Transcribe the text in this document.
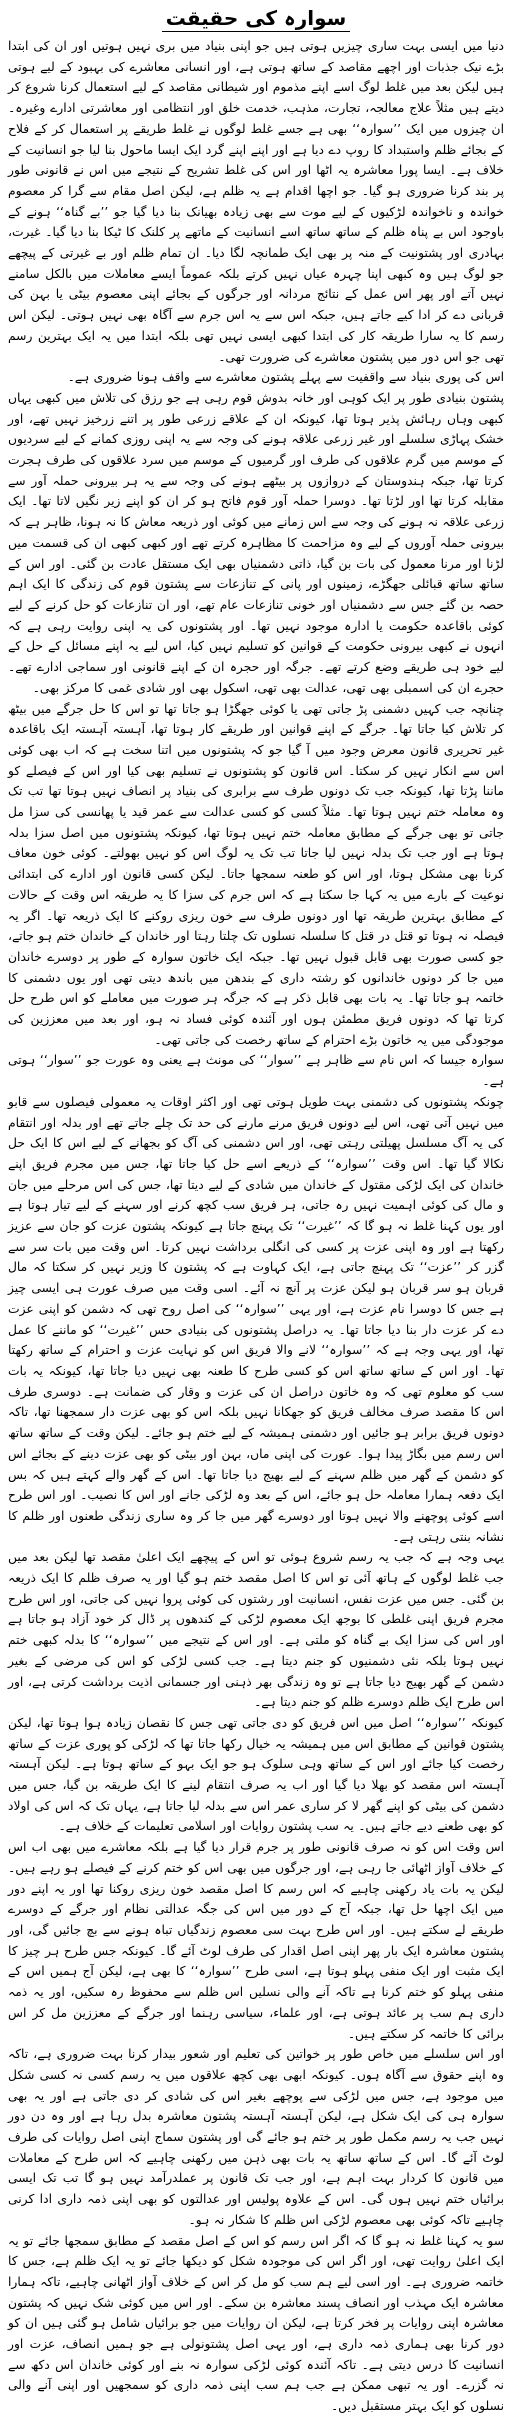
سوارہ کی حقیقت

دنیا میں ایسی بہت ساری چیزیں ہوتی ہیں جو اپنی بنیاد میں بری نہیں ہوتیں اور ان کی ابتدا بڑے نیک جذبات اور اچھے مقاصد کے ساتھ ہوتی ہے، اور انسانی معاشرے کی بہبود کے لیے ہوتی ہیں لیکن بعد میں غلط لوگ اسے اپنے مذموم اور شیطانی مقاصد کے لیے استعمال کرنا شروع کر دیتے ہیں مثلاً علاج معالجہ، تجارت، مذہب، خدمت خلق اور انتظامی اور معاشرتی ادارے وغیرہ۔ ان چیزوں میں ایک ’’سوارہ‘‘ بھی ہے جسے غلط لوگوں نے غلط طریقے پر استعمال کر کے فلاح کے بجائے ظلم واستبداد کا روپ دے دیا ہے اور اپنے اپنے گرد ایک ایسا ماحول بنا لیا جو انسانیت کے خلاف ہے۔ ایسا پورا معاشرہ یہ اٹھا اور اس کی غلط تشریح کے نتیجے میں اس نے قانونی طور پر بند کرنا ضروری ہو گیا۔ جو اچھا اقدام ہے یہ ظلم ہے، لیکن اصل مقام سے گرا کر معصوم خواندہ و ناخواندہ لڑکیوں کے لیے موت سے بھی زیادہ بھیانک بنا دیا گیا جو ’’بے گناہ‘‘ ہونے کے باوجود اس بے پناہ ظلم کے ساتھ ساتھ اسے انسانیت کے ماتھے پر کلنک کا ٹیکا بنا دیا گیا۔ غیرت، بہادری اور پشتونیت کے منہ پر بھی ایک طمانچہ لگا دیا۔ ان تمام ظلم اور بے غیرتی کے پیچھے جو لوگ ہیں وہ کبھی اپنا چہرہ عیاں نہیں کرتے بلکہ عموماً ایسے معاملات میں بالکل سامنے نہیں آتے اور پھر اس عمل کے نتائج مردانہ اور جرگوں کے بجائے اپنی معصوم بیٹی یا بہن کی قربانی دے کر ادا کیے جاتے ہیں، جبکہ اس سے یہ اس جرم سے آگاہ بھی نہیں ہوتی۔ لیکن اس رسم کا یہ سارا طریقہ کار کی ابتدا کبھی ایسی نہیں تھی بلکہ ابتدا میں یہ ایک بہترین رسم تھی جو اس دور میں پشتون معاشرے کی ضرورت تھی۔

اس کی پوری بنیاد سے واقفیت سے پہلے پشتون معاشرے سے واقف ہونا ضروری ہے۔

پشتون بنیادی طور پر ایک کوہی اور خانہ بدوش قوم رہی ہے جو رزق کی تلاش میں کبھی یہاں کبھی وہاں رہائش پذیر ہوتا تھا، کیونکہ ان کے علاقے زرعی طور پر اتنے زرخیز نہیں تھے، اور خشک پہاڑی سلسلے اور غیر زرعی علاقہ ہونے کی وجہ سے یہ اپنی روزی کمانے کے لیے سردیوں کے موسم میں گرم علاقوں کی طرف اور گرمیوں کے موسم میں سرد علاقوں کی طرف ہجرت کرتا تھا، جبکہ ہندوستان کے دروازوں پر بیٹھے ہونے کی وجہ سے یہ ہر بیرونی حملہ آور سے مقابلہ کرتا تھا اور لڑتا تھا۔ دوسرا حملہ آور قوم فاتح ہو کر ان کو اپنے زیر نگیں لاتا تھا۔ ایک زرعی علاقہ نہ ہونے کی وجہ سے اس زمانے میں کوئی اور ذریعہ معاش کا نہ ہونا، ظاہر ہے کہ بیرونی حملہ آوروں کے لیے وہ مزاحمت کا مظاہرہ کرتے تھے اور کبھی کبھی ان کی قسمت میں لڑنا اور مرنا معمول کی بات بن گیا، ذاتی دشمنیاں بھی ایک مستقل عادت بن گئی۔ اور اس کے ساتھ ساتھ قبائلی جھگڑے، زمینوں اور پانی کے تنازعات سے پشتون قوم کی زندگی کا ایک اہم حصہ بن گئے جس سے دشمنیاں اور خونی تنازعات عام تھے، اور ان تنازعات کو حل کرنے کے لیے کوئی باقاعدہ حکومت یا ادارہ موجود نہیں تھا۔ اور پشتونوں کی یہ اپنی روایت رہی ہے کہ انہوں نے کبھی بیرونی حکومت کے قوانین کو تسلیم نہیں کیا، اس لیے یہ اپنے مسائل کے حل کے لیے خود ہی طریقے وضع کرتے تھے۔ جرگہ اور حجرہ ان کے اپنے قانونی اور سماجی ادارے تھے۔ حجرے ان کی اسمبلی بھی تھی، عدالت بھی تھی، اسکول بھی اور شادی غمی کا مرکز بھی۔

چنانچہ جب کہیں دشمنی پڑ جاتی تھی یا کوئی جھگڑا ہو جاتا تھا تو اس کا حل جرگے میں بیٹھ کر تلاش کیا جاتا تھا۔ جرگے کے اپنے قوانین اور طریقے کار ہوتا تھا، آہستہ آہستہ ایک باقاعدہ غیر تحریری قانون معرض وجود میں آ گیا جو کہ پشتونوں میں اتنا سخت ہے کہ اب بھی کوئی اس سے انکار نہیں کر سکتا۔ اس قانون کو پشتونوں نے تسلیم بھی کیا اور اس کے فیصلے کو ماننا پڑتا تھا، کیونکہ جب تک دونوں طرف سے برابری کی بنیاد پر انصاف نہیں ہوتا تھا تب تک وہ معاملہ ختم نہیں ہوتا تھا۔ مثلاً کسی کو کسی عدالت سے عمر قید یا پھانسی کی سزا مل جاتی تو بھی جرگے کے مطابق معاملہ ختم نہیں ہوتا تھا، کیونکہ پشتونوں میں اصل سزا بدلہ ہوتا ہے اور جب تک بدلہ نہیں لیا جاتا تب تک یہ لوگ اس کو نہیں بھولتے۔ کوئی خون معاف کرنا بھی مشکل ہوتا، اور اس کو طعنہ سمجھا جاتا۔ لیکن کسی قانون اور ادارے کی ابتدائی نوعیت کے بارے میں یہ کہا جا سکتا ہے کہ اس جرم کی سزا کا یہ طریقہ اس وقت کے حالات کے مطابق بہترین طریقہ تھا اور دونوں طرف سے خون ریزی روکنے کا ایک ذریعہ تھا۔ اگر یہ فیصلہ نہ ہوتا تو قتل در قتل کا سلسلہ نسلوں تک چلتا رہتا اور خاندان کے خاندان ختم ہو جاتے، جو کسی صورت بھی قابل قبول نہیں تھا۔ جبکہ ایک خاتون سوارہ کے طور پر دوسرے خاندان میں جا کر دونوں خاندانوں کو رشتہ داری کے بندھن میں باندھ دیتی تھی اور یوں دشمنی کا خاتمہ ہو جاتا تھا۔ یہ بات بھی قابل ذکر ہے کہ جرگہ ہر صورت میں معاملے کو اس طرح حل کرتا تھا کہ دونوں فریق مطمئن ہوں اور آئندہ کوئی فساد نہ ہو، اور بعد میں معززین کی موجودگی میں یہ خاتون بڑے احترام کے ساتھ رخصت کی جاتی تھی۔

سوارہ جیسا کہ اس نام سے ظاہر ہے ’’سوار‘‘ کی مونث ہے یعنی وہ عورت جو ’’سوار‘‘ ہوتی ہے۔

چونکہ پشتونوں کی دشمنی بہت طویل ہوتی تھی اور اکثر اوقات یہ معمولی فیصلوں سے قابو میں نہیں آتی تھی، اس لیے دونوں فریق مرنے مارنے کی حد تک چلے جاتے تھے اور بدلہ اور انتقام کی یہ آگ مسلسل پھیلتی رہتی تھی، اور اس دشمنی کی آگ کو بجھانے کے لیے اس کا ایک حل نکالا گیا تھا۔ اس وقت ’’سوارہ‘‘ کے ذریعے اسے حل کیا جاتا تھا، جس میں مجرم فریق اپنے خاندان کی ایک لڑکی مقتول کے خاندان میں شادی کے لیے دیتا تھا، جس کی اس مرحلے میں جان و مال کی کوئی اہمیت نہیں رہ جاتی، ہر فریق سب کچھ کرنے اور سہنے کے لیے تیار ہوتا ہے اور یوں کہنا غلط نہ ہو گا کہ ’’غیرت‘‘ تک پہنچ جاتا ہے کیونکہ پشتون عزت کو جان سے عزیز رکھتا ہے اور وہ اپنی عزت پر کسی کی انگلی برداشت نہیں کرتا۔ اس وقت میں بات سر سے گزر کر ’’عزت‘‘ تک پہنچ جاتی ہے، ایک کہاوت ہے کہ پشتون کا وزیر نہیں کر سکتا کہ مال قربان ہو سر قربان ہو لیکن عزت پر آنچ نہ آئے۔ اسی وقت میں صرف عورت ہی ایسی چیز ہے جس کا دوسرا نام عزت ہے، اور یہی ’’سوارہ‘‘ کی اصل روح تھی کہ دشمن کو اپنی عزت دے کر عزت دار بنا دیا جاتا تھا۔ یہ دراصل پشتونوں کی بنیادی حس ’’غیرت‘‘ کو ماننے کا عمل تھا، اور یہی وجہ ہے کہ ’’سوارہ‘‘ لانے والا فریق اس کو نہایت عزت و احترام کے ساتھ رکھتا تھا۔ اور اس کے ساتھ ساتھ اس کو کسی طرح کا طعنہ بھی نہیں دیا جاتا تھا، کیونکہ یہ بات سب کو معلوم تھی کہ وہ خاتون دراصل ان کی عزت و وقار کی ضمانت ہے۔ دوسری طرف اس کا مقصد صرف مخالف فریق کو جھکانا نہیں بلکہ اس کو بھی عزت دار سمجھنا تھا، تاکہ دونوں فریق برابر ہو جائیں اور دشمنی ہمیشہ کے لیے ختم ہو جائے۔ لیکن وقت کے ساتھ ساتھ اس رسم میں بگاڑ پیدا ہوا۔ عورت کی اپنی ماں، بہن اور بیٹی کو بھی عزت دینے کے بجائے اس کو دشمن کے گھر میں ظلم سہنے کے لیے بھیج دیا جاتا تھا۔ اس کے گھر والے کہتے ہیں کہ بس ایک دفعہ ہمارا معاملہ حل ہو جائے، اس کے بعد وہ لڑکی جانے اور اس کا نصیب۔ اور اس طرح اسے کوئی پوچھنے والا نہیں ہوتا اور دوسرے گھر میں جا کر وہ ساری زندگی طعنوں اور ظلم کا نشانہ بنتی رہتی ہے۔

یہی وجہ ہے کہ جب یہ رسم شروع ہوئی تو اس کے پیچھے ایک اعلیٰ مقصد تھا لیکن بعد میں جب غلط لوگوں کے ہاتھ آئی تو اس کا اصل مقصد ختم ہو گیا اور یہ صرف ظلم کا ایک ذریعہ بن گئی۔ جس میں عزت نفس، انسانیت اور رشتوں کی کوئی پروا نہیں کی جاتی، اور اس طرح مجرم فریق اپنی غلطی کا بوجھ ایک معصوم لڑکی کے کندھوں پر ڈال کر خود آزاد ہو جاتا ہے اور اس کی سزا ایک بے گناہ کو ملتی ہے۔ اور اس کے نتیجے میں ’’سوارہ‘‘ کا بدلہ کبھی ختم نہیں ہوتا بلکہ نئی دشمنیوں کو جنم دیتا ہے۔ جب کسی لڑکی کو اس کی مرضی کے بغیر دشمن کے گھر بھیج دیا جاتا ہے تو وہ زندگی بھر ذہنی اور جسمانی اذیت برداشت کرتی ہے، اور اس طرح ایک ظلم دوسرے ظلم کو جنم دیتا ہے۔

کیونکہ ’’سوارہ‘‘ اصل میں اس فریق کو دی جاتی تھی جس کا نقصان زیادہ ہوا ہوتا تھا، لیکن پشتون قوانین کے مطابق اس میں ہمیشہ یہ خیال رکھا جاتا تھا کہ لڑکی کو پوری عزت کے ساتھ رخصت کیا جائے اور اس کے ساتھ وہی سلوک ہو جو ایک بہو کے ساتھ ہوتا ہے۔ لیکن آہستہ آہستہ اس مقصد کو بھلا دیا گیا اور اب یہ صرف انتقام لینے کا ایک طریقہ بن گیا، جس میں دشمن کی بیٹی کو اپنے گھر لا کر ساری عمر اس سے بدلہ لیا جاتا ہے، یہاں تک کہ اس کی اولاد کو بھی طعنے دیے جاتے ہیں۔ یہ سب پشتون روایات اور اسلامی تعلیمات کے خلاف ہے۔

اس وقت اس کو نہ صرف قانونی طور پر جرم قرار دیا گیا ہے بلکہ معاشرے میں بھی اب اس کے خلاف آواز اٹھائی جا رہی ہے، اور جرگوں میں بھی اس کو ختم کرنے کے فیصلے ہو رہے ہیں۔ لیکن یہ بات یاد رکھنی چاہیے کہ اس رسم کا اصل مقصد خون ریزی روکنا تھا اور یہ اپنے دور میں ایک اچھا حل تھا، جبکہ آج کے دور میں اس کی جگہ عدالتی نظام اور جرگے کے دوسرے طریقے لے سکتے ہیں۔ اور اس طرح بہت سی معصوم زندگیاں تباہ ہونے سے بچ جائیں گی، اور پشتون معاشرہ ایک بار پھر اپنی اصل اقدار کی طرف لوٹ آئے گا۔ کیونکہ جس طرح ہر چیز کا ایک مثبت اور ایک منفی پہلو ہوتا ہے، اسی طرح ’’سوارہ‘‘ کا بھی ہے، لیکن آج ہمیں اس کے منفی پہلو کو ختم کرنا ہے تاکہ آنے والی نسلیں اس ظلم سے محفوظ رہ سکیں، اور یہ ذمہ داری ہم سب پر عائد ہوتی ہے، اور علماء، سیاسی رہنما اور جرگے کے معززین مل کر اس برائی کا خاتمہ کر سکتے ہیں۔

اور اس سلسلے میں خاص طور پر خواتین کی تعلیم اور شعور بیدار کرنا بہت ضروری ہے، تاکہ وہ اپنے حقوق سے آگاہ ہوں۔ کیونکہ ابھی بھی کچھ علاقوں میں یہ رسم کسی نہ کسی شکل میں موجود ہے، جس میں لڑکی سے پوچھے بغیر اس کی شادی کر دی جاتی ہے اور یہ بھی سوارہ ہی کی ایک شکل ہے، لیکن آہستہ آہستہ پشتون معاشرہ بدل رہا ہے اور وہ دن دور نہیں جب یہ رسم مکمل طور پر ختم ہو جائے گی اور پشتون سماج اپنی اصل روایات کی طرف لوٹ آئے گا۔ اس کے ساتھ ساتھ یہ بات بھی ذہن میں رکھنی چاہیے کہ اس طرح کے معاملات میں قانون کا کردار بہت اہم ہے، اور جب تک قانون پر عملدرآمد نہیں ہو گا تب تک ایسی برائیاں ختم نہیں ہوں گی۔ اس کے علاوہ پولیس اور عدالتوں کو بھی اپنی ذمہ داری ادا کرنی چاہیے تاکہ کوئی بھی معصوم لڑکی اس ظلم کا شکار نہ ہو۔

سو یہ کہنا غلط نہ ہو گا کہ اگر اس رسم کو اس کے اصل مقصد کے مطابق سمجھا جائے تو یہ ایک اعلیٰ روایت تھی، اور اگر اس کی موجودہ شکل کو دیکھا جائے تو یہ ایک ظلم ہے، جس کا خاتمہ ضروری ہے۔ اور اسی لیے ہم سب کو مل کر اس کے خلاف آواز اٹھانی چاہیے، تاکہ ہمارا معاشرہ ایک مہذب اور انصاف پسند معاشرہ بن سکے۔ اور اس میں کوئی شک نہیں کہ پشتون معاشرہ اپنی روایات پر فخر کرتا ہے، لیکن ان روایات میں جو برائیاں شامل ہو گئی ہیں ان کو دور کرنا بھی ہماری ذمہ داری ہے، اور یہی اصل پشتونولی ہے جو ہمیں انصاف، عزت اور انسانیت کا درس دیتی ہے۔ تاکہ آئندہ کوئی لڑکی سوارہ نہ بنے اور کوئی خاندان اس دکھ سے نہ گزرے۔ اور یہ تبھی ممکن ہے جب ہم سب اپنی ذمہ داری کو سمجھیں اور اپنی آنے والی نسلوں کو ایک بہتر مستقبل دیں۔
